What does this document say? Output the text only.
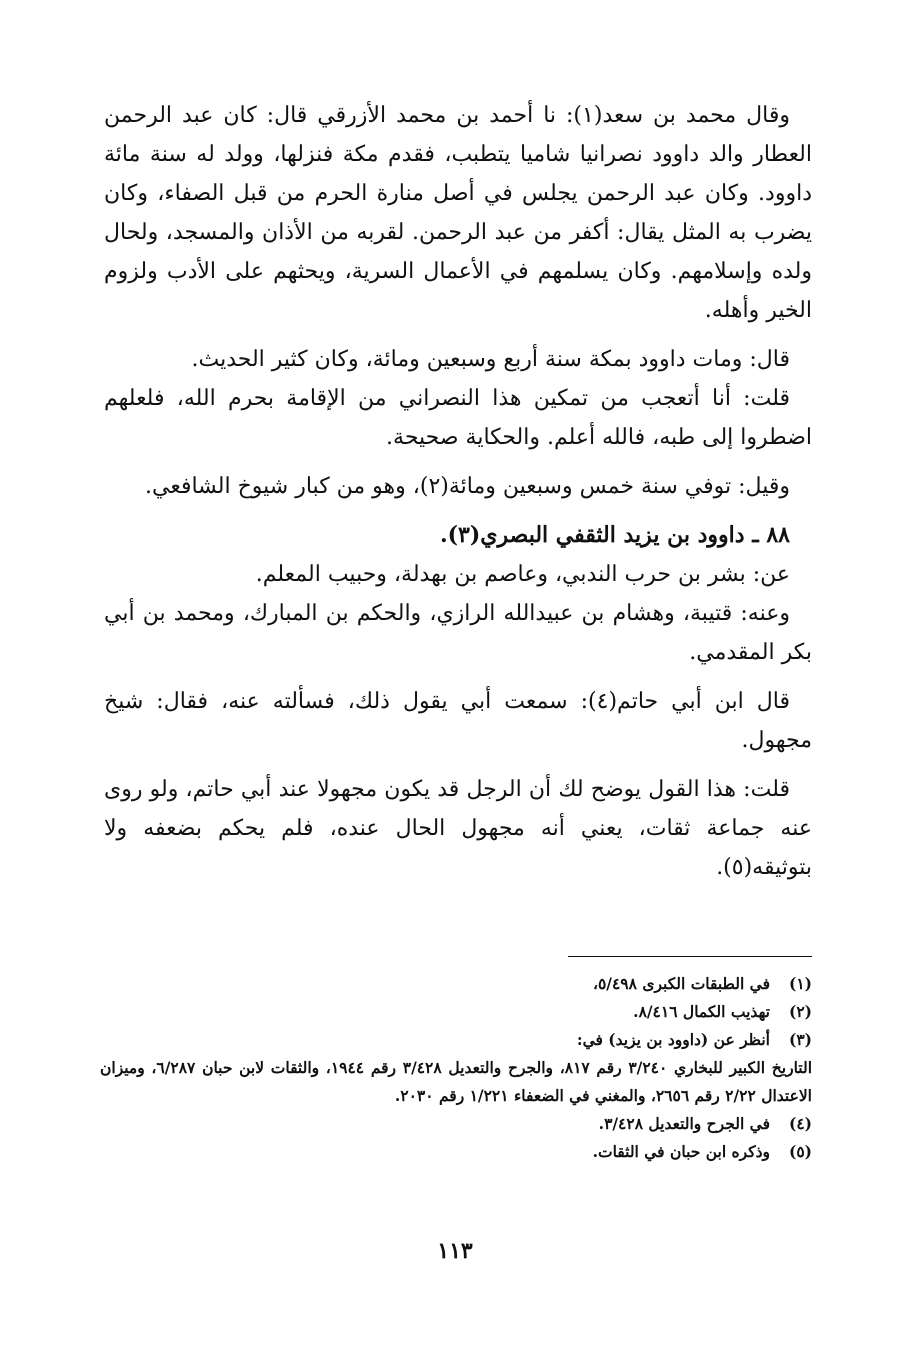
وقال محمد بن سعد(١): نا أحمد بن محمد الأزرقي قال: كان عبد الرحمن العطار والد داوود نصرانيا شاميا يتطبب، فقدم مكة فنزلها، وولد له سنة مائة داوود. وكان عبد الرحمن يجلس في أصل منارة الحرم من قبل الصفاء، وكان يضرب به المثل يقال: أكفر من عبد الرحمن. لقربه من الأذان والمسجد، ولحال ولده وإسلامهم. وكان يسلمهم في الأعمال السرية، ويحثهم على الأدب ولزوم الخير وأهله.

قال: ومات داوود بمكة سنة أربع وسبعين ومائة، وكان كثير الحديث.

قلت: أنا أتعجب من تمكين هذا النصراني من الإقامة بحرم الله، فلعلهم اضطروا إلى طبه، فالله أعلم. والحكاية صحيحة.

وقيل: توفي سنة خمس وسبعين ومائة(٢)، وهو من كبار شيوخ الشافعي.

٨٨ ـ داوود بن يزيد الثقفي البصري(٣).

عن: بشر بن حرب الندبي، وعاصم بن بهدلة، وحبيب المعلم.

وعنه: قتيبة، وهشام بن عبيدالله الرازي، والحكم بن المبارك، ومحمد بن أبي بكر المقدمي.

قال ابن أبي حاتم(٤): سمعت أبي يقول ذلك، فسألته عنه، فقال: شيخ مجهول.

قلت: هذا القول يوضح لك أن الرجل قد يكون مجهولا عند أبي حاتم، ولو روى عنه جماعة ثقات، يعني أنه مجهول الحال عنده، فلم يحكم بضعفه ولا بتوثيقه(٥).

(١)
في الطبقات الكبرى ٥/٤٩٨،
(٢)
تهذيب الكمال ٨/٤١٦.
(٣)
أنظر عن (داوود بن يزيد) في:

التاريخ الكبير للبخاري ٣/٢٤٠ رقم ٨١٧، والجرح والتعديل ٣/٤٢٨ رقم ١٩٤٤، والثقات لابن حبان ٦/٢٨٧، وميزان الاعتدال ٢/٢٢ رقم ٢٦٥٦، والمغني في الضعفاء ١/٢٢١ رقم ٢٠٣٠.

(٤)
في الجرح والتعديل ٣/٤٢٨.
(٥)
وذكره ابن حبان في الثقات.
١١٣
